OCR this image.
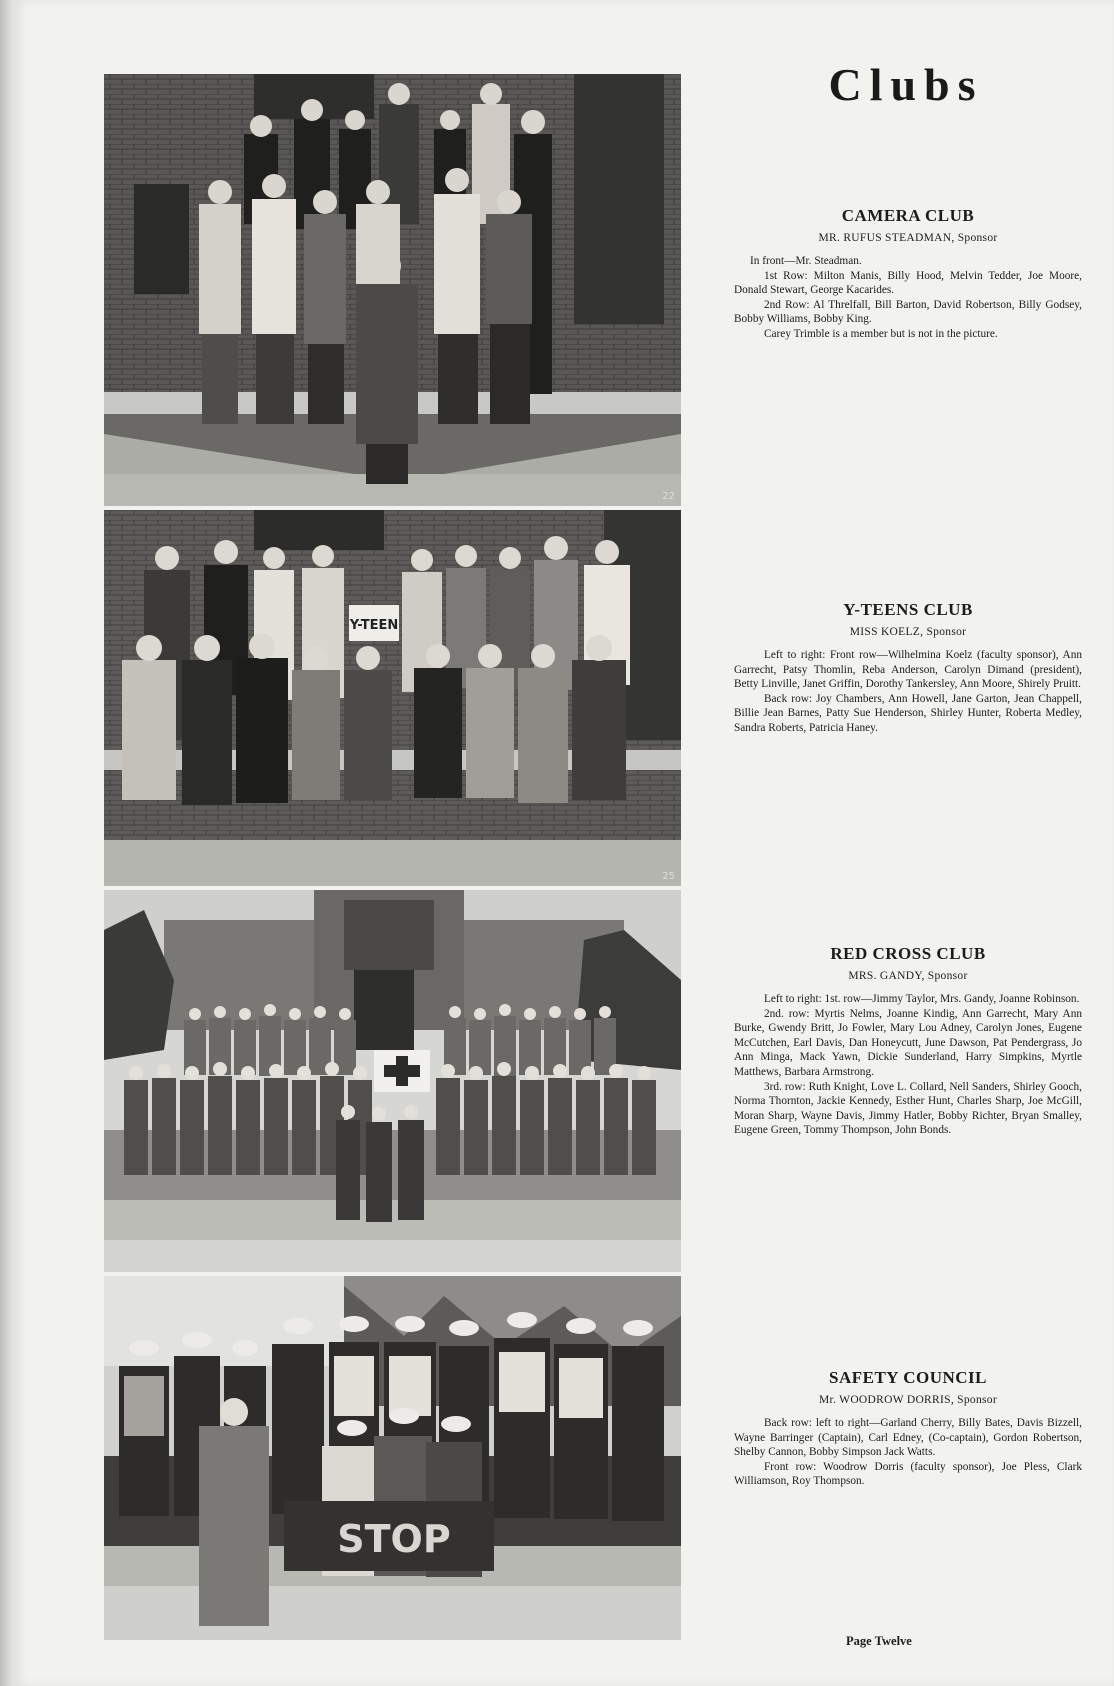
Clubs
22
Y-TEEN
25
STOP

CAMERA CLUB

MR. RUFUS STEADMAN, Sponsor

In front—Mr. Steadman.

1st Row: Milton Manis, Billy Hood, Melvin Tedder, Joe Moore, Donald Stewart, George Kacarides.

2nd Row: Al Threlfall, Bill Barton, David Robertson, Billy Godsey, Bobby Williams, Bobby King.

Carey Trimble is a member but is not in the picture.

Y-TEENS CLUB

MISS KOELZ, Sponsor

Left to right: Front row—Wilhelmina Koelz (faculty sponsor), Ann Garrecht, Patsy Thomlin, Reba Anderson, Carolyn Dimand (president), Betty Linville, Janet Griffin, Dorothy Tankersley, Ann Moore, Shirely Pruitt.

Back row: Joy Chambers, Ann Howell, Jane Garton, Jean Chappell, Billie Jean Barnes, Patty Sue Henderson, Shirley Hunter, Roberta Medley, Sandra Roberts, Patricia Haney.

RED CROSS CLUB

MRS. GANDY, Sponsor

Left to right: 1st. row—Jimmy Taylor, Mrs. Gandy, Joanne Robinson.

2nd. row: Myrtis Nelms, Joanne Kindig, Ann Garrecht, Mary Ann Burke, Gwendy Britt, Jo Fowler, Mary Lou Adney, Carolyn Jones, Eugene McCutchen, Earl Davis, Dan Honeycutt, June Dawson, Pat Pendergrass, Jo Ann Minga, Mack Yawn, Dickie Sunderland, Harry Simpkins, Myrtle Matthews, Barbara Armstrong.

3rd. row: Ruth Knight, Love L. Collard, Nell Sanders, Shirley Gooch, Norma Thornton, Jackie Kennedy, Esther Hunt, Charles Sharp, Joe McGill, Moran Sharp, Wayne Davis, Jimmy Hatler, Bobby Richter, Bryan Smalley, Eugene Green, Tommy Thompson, John Bonds.

SAFETY COUNCIL

Mr. WOODROW DORRIS, Sponsor

Back row: left to right—Garland Cherry, Billy Bates, Davis Bizzell, Wayne Barringer (Captain), Carl Edney, (Co-captain), Gordon Robertson, Shelby Cannon, Bobby Simpson Jack Watts.

Front row: Woodrow Dorris (faculty sponsor), Joe Pless, Clark Williamson, Roy Thompson.

Page Twelve
